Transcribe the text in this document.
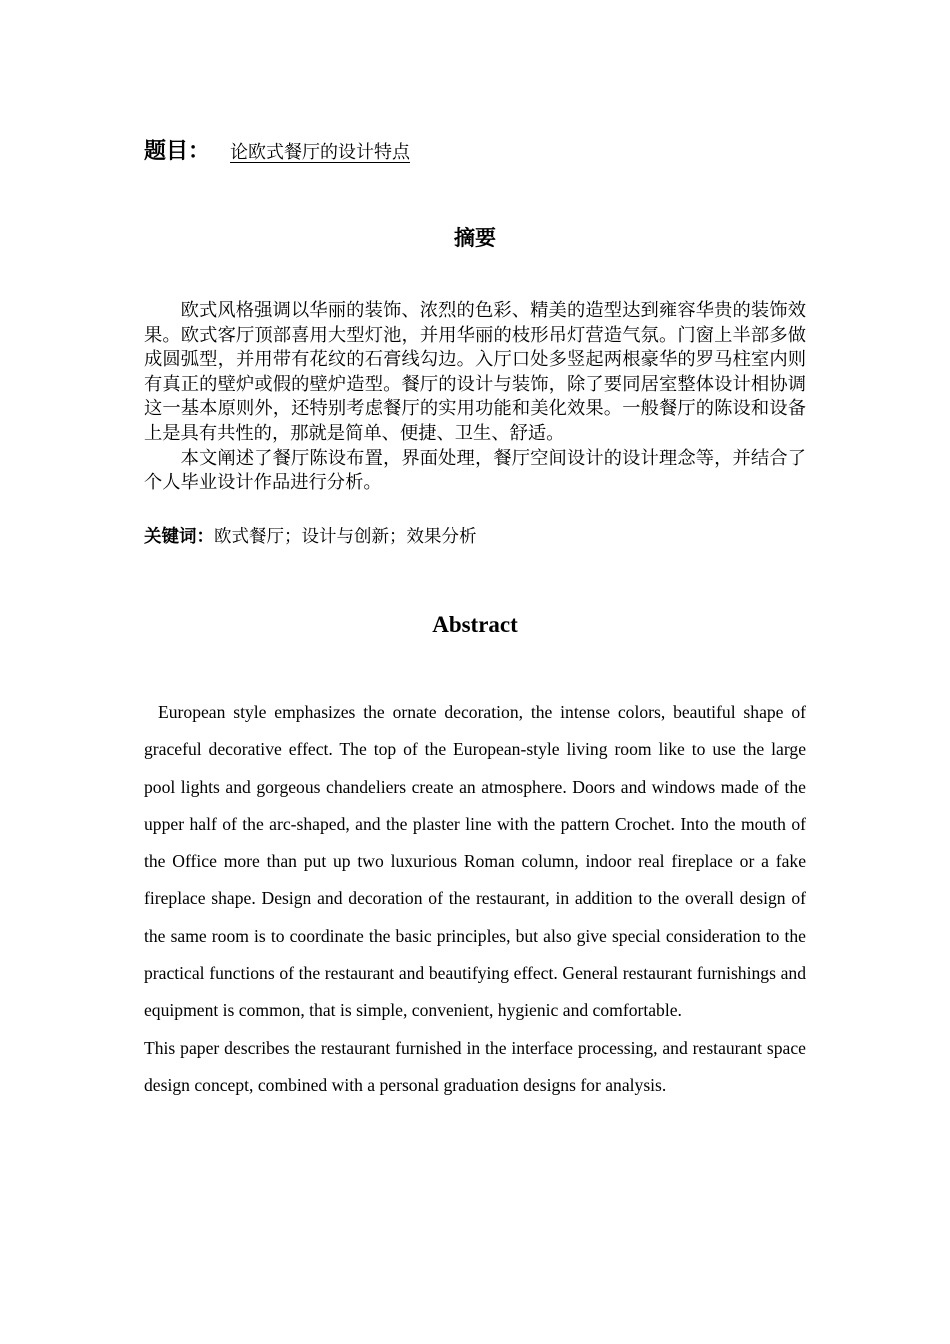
题目： 论欧式餐厅的设计特点
摘要

欧式风格强调以华丽的装饰、浓烈的色彩、精美的造型达到雍容华贵的装饰效果。欧式客厅顶部喜用大型灯池，并用华丽的枝形吊灯营造气氛。门窗上半部多做成圆弧型，并用带有花纹的石膏线勾边。入厅口处多竖起两根豪华的罗马柱室内则有真正的壁炉或假的壁炉造型。餐厅的设计与装饰，除了要同居室整体设计相协调这一基本原则外，还特别考虑餐厅的实用功能和美化效果。一般餐厅的陈设和设备上是具有共性的，那就是简单、便捷、卫生、舒适。

本文阐述了餐厅陈设布置，界面处理，餐厅空间设计的设计理念等，并结合了个人毕业设计作品进行分析。

关键词：欧式餐厅；设计与创新；效果分析
Abstract

European style emphasizes the ornate decoration, the intense colors, beautiful shape of graceful decorative effect. The top of the European-style living room like to use the large pool lights and gorgeous chandeliers create an atmosphere. Doors and windows made of the upper half of the arc-shaped, and the plaster line with the pattern Crochet. Into the mouth of the Office more than put up two luxurious Roman column, indoor real fireplace or a fake fireplace shape. Design and decoration of the restaurant, in addition to the overall design of the same room is to coordinate the basic principles, but also give special consideration to the practical functions of the restaurant and beautifying effect. General restaurant furnishings and equipment is common, that is simple, convenient, hygienic and comfortable.

This paper describes the restaurant furnished in the interface processing, and restaurant space design concept, combined with a personal graduation designs for analysis.
